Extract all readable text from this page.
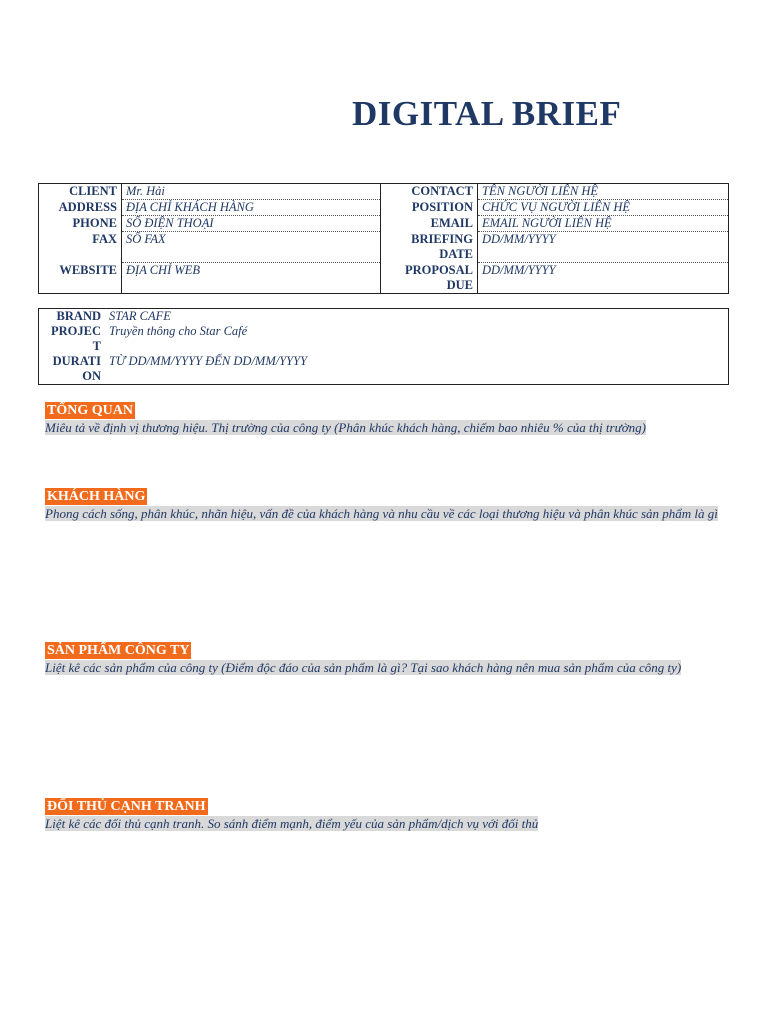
DIGITAL BRIEF
CLIENT	Mr. Hải	CONTACT	TÊN NGƯỜI LIÊN HỆ
ADDRESS	ĐỊA CHỈ KHÁCH HÀNG	POSITION	CHỨC VỤ NGƯỜI LIÊN HỆ
PHONE	SỐ ĐIỆN THOẠI	EMAIL	EMAIL NGƯỜI LIÊN HỆ
FAX	SỐ FAX	BRIEFING DATE	DD/MM/YYYY
WEBSITE	ĐỊA CHỈ WEB	PROPOSAL DUE	DD/MM/YYYY
BRAND	STAR CAFE
PROJECT	Truyền thông cho Star Café
DURATION	TỪ DD/MM/YYYY ĐẾN DD/MM/YYYY
TỔNG QUAN
Miêu tả về định vị thương hiệu. Thị trường của công ty (Phân khúc khách hàng, chiếm bao nhiêu % của thị trường)
KHÁCH HÀNG
Phong cách sống, phân khúc, nhãn hiệu, vấn đề của khách hàng và nhu cầu về các loại thương hiệu và phân khúc sản phẩm là gì
SẢN PHẨM CÔNG TY
Liệt kê các sản phẩm của công ty (Điểm độc đáo của sản phẩm là gì? Tại sao khách hàng nên mua sản phẩm của công ty)
ĐỐI THỦ CẠNH TRANH
Liệt kê các đối thủ cạnh tranh. So sánh điểm mạnh, điểm yếu của sản phẩm/dịch vụ với đối thủ
